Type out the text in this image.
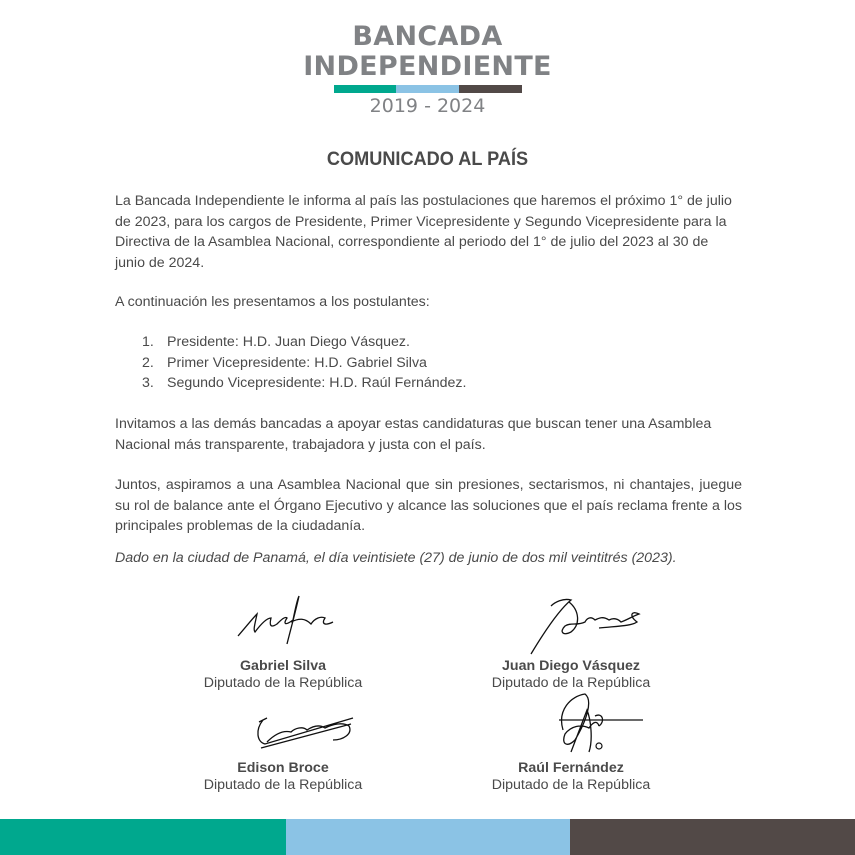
BANCADA
INDEPENDIENTE
2019 - 2024
COMUNICADO AL PAÍS
La Bancada Independiente le informa al país las postulaciones que haremos el próximo 1° de julio de 2023, para los cargos de Presidente, Primer Vicepresidente y Segundo Vicepresidente para la Directiva de la Asamblea Nacional, correspondiente al periodo del 1° de julio del 2023 al 30 de junio de 2024.
A continuación les presentamos a los postulantes:
1. Presidente: H.D. Juan Diego Vásquez.
2. Primer Vicepresidente: H.D. Gabriel Silva
3. Segundo Vicepresidente: H.D. Raúl Fernández.
Invitamos a las demás bancadas a apoyar estas candidaturas que buscan tener una Asamblea Nacional más transparente, trabajadora y justa con el país.
Juntos, aspiramos a una Asamblea Nacional que sin presiones, sectarismos, ni chantajes, juegue su rol de balance ante el Órgano Ejecutivo y alcance las soluciones que el país reclama frente a los principales problemas de la ciudadanía.
Dado en la ciudad de Panamá, el día veintisiete (27) de junio de dos mil veintitrés (2023).
Gabriel Silva
Diputado de la República
Juan Diego Vásquez
Diputado de la República
Edison Broce
Diputado de la República
Raúl Fernández
Diputado de la República
